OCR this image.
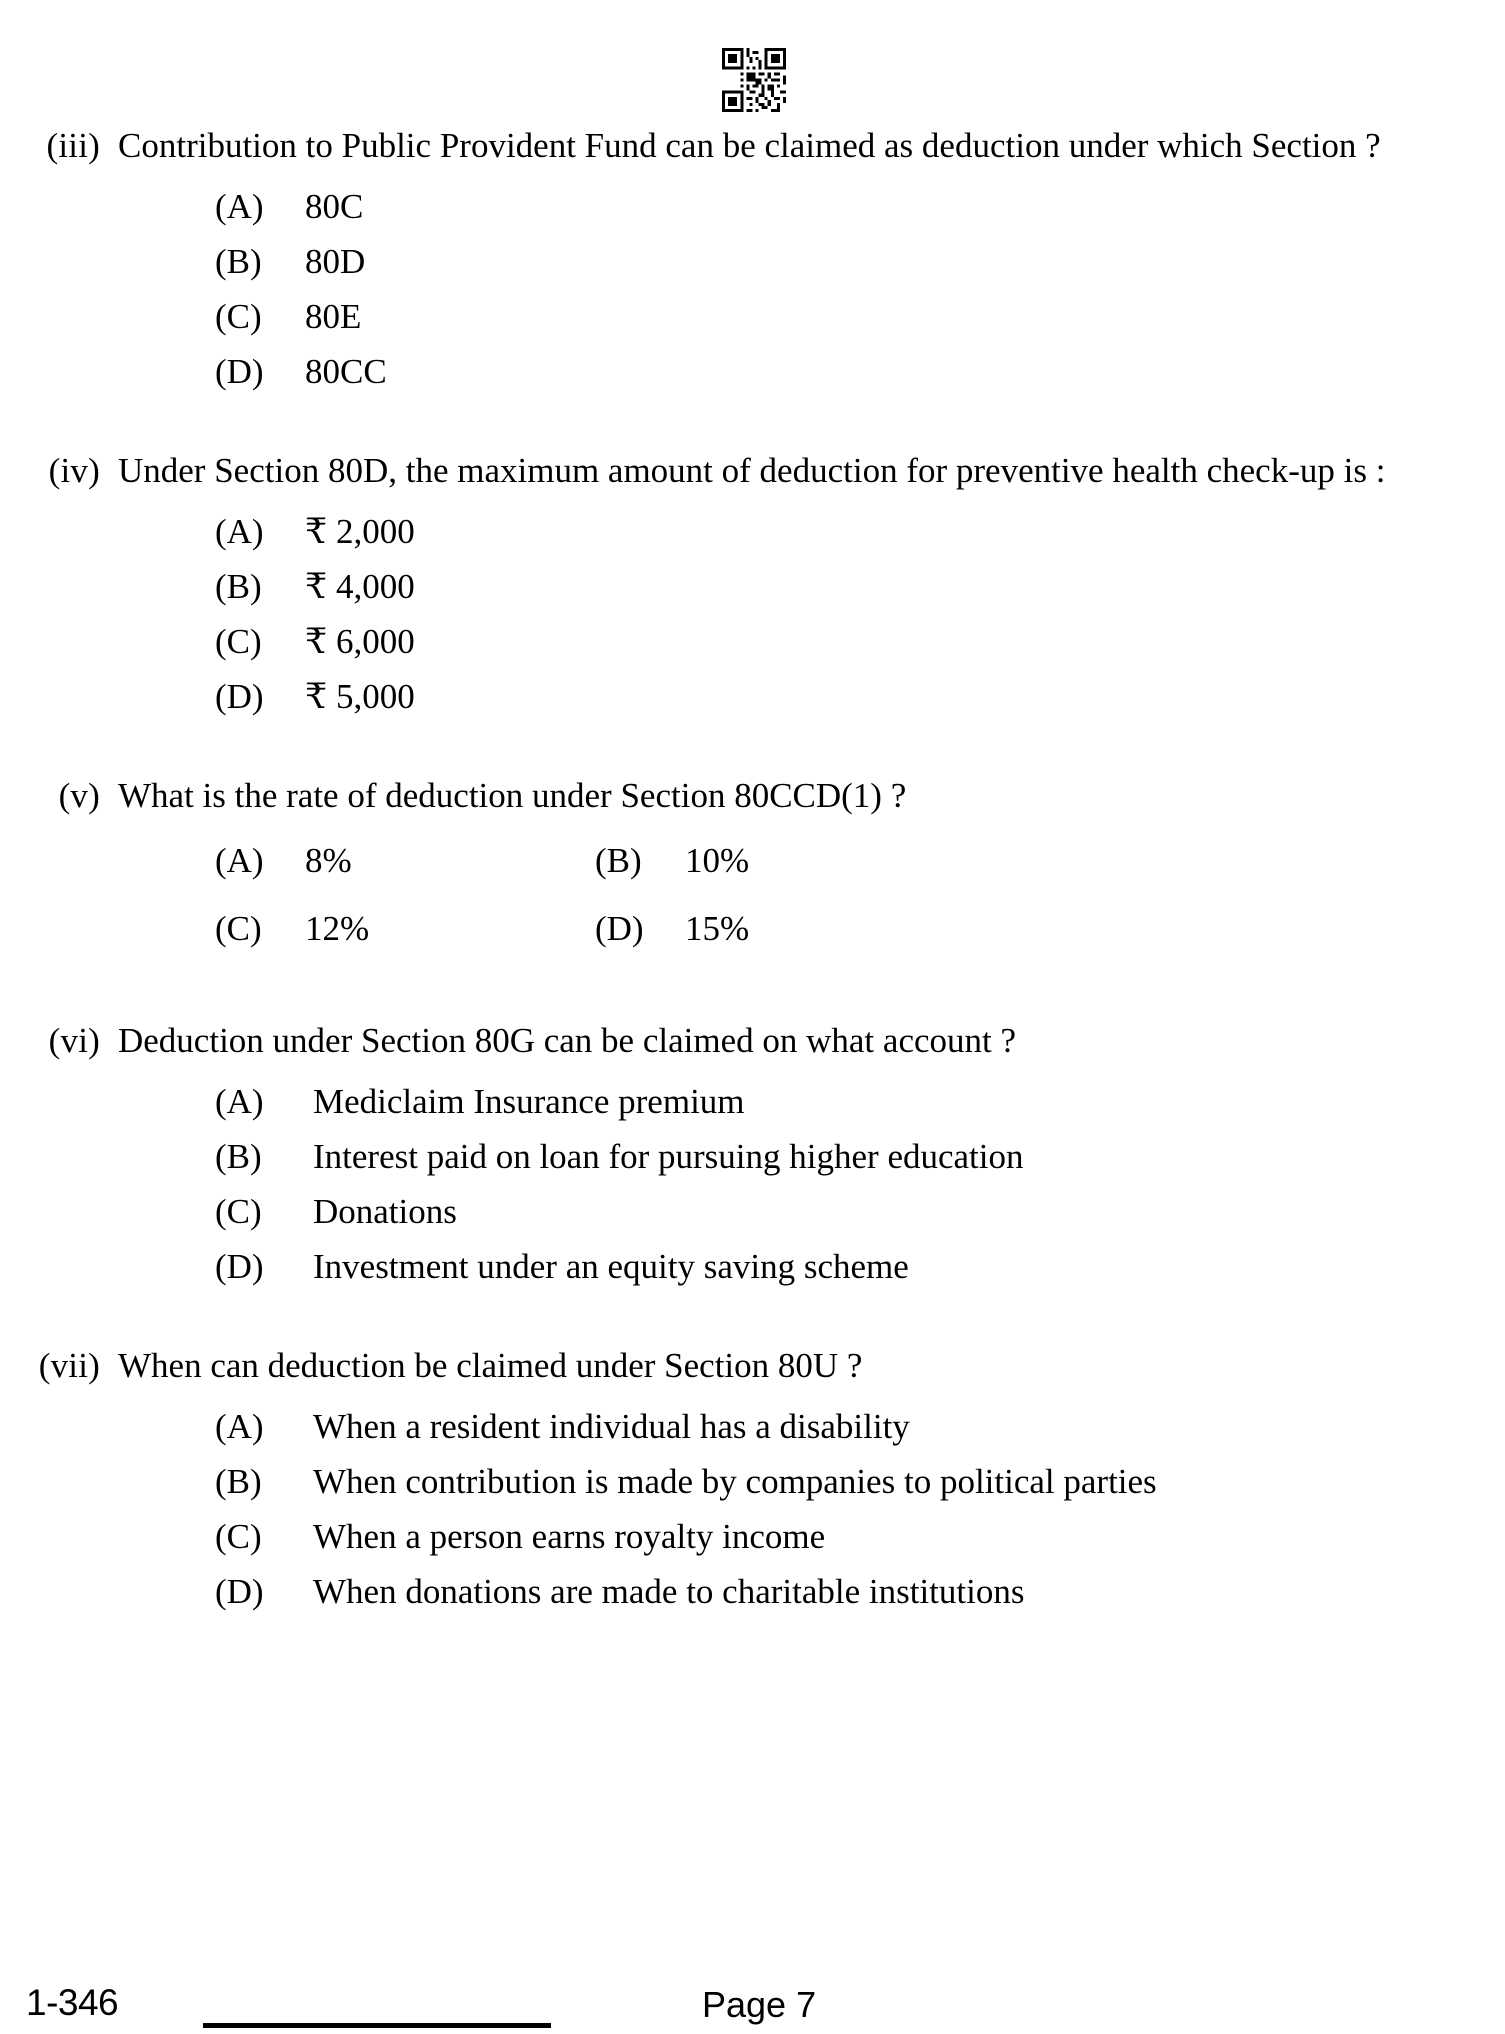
(iii) Contribution to Public Provident Fund can be claimed as deduction under which Section ?
(A)	80C
(B)	80D
(C)	80E
(D)	80CC
(iv) Under Section 80D, the maximum amount of deduction for preventive health check-up is :
(A)	₹ 2,000
(B)	₹ 4,000
(C)	₹ 6,000
(D)	₹ 5,000
(v) What is the rate of deduction under Section 80CCD(1) ?
(A)	8%	(B)	10%
(C)	12%	(D)	15%
(vi) Deduction under Section 80G can be claimed on what account ?
(A)	Mediclaim Insurance premium
(B)	Interest paid on loan for pursuing higher education
(C)	Donations
(D)	Investment under an equity saving scheme
(vii) When can deduction be claimed under Section 80U ?
(A)	When a resident individual has a disability
(B)	When contribution is made by companies to political parties
(C)	When a person earns royalty income
(D)	When donations are made to charitable institutions
1-346	Page 7
